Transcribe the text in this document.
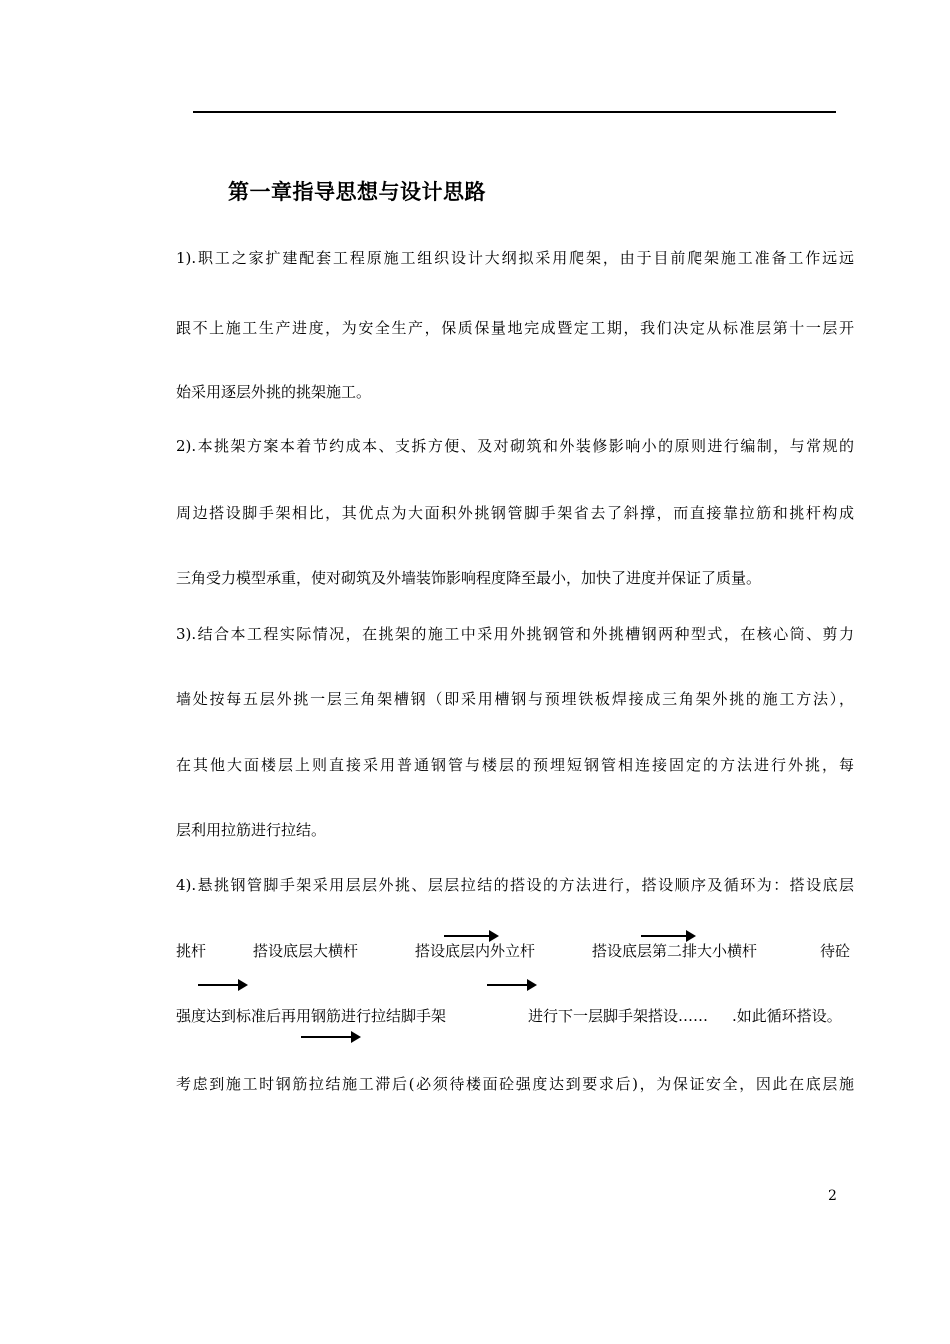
第一章指导思想与设计思路
1).职工之家扩建配套工程原施工组织设计大纲拟采用爬架，由于目前爬架施工准备工作远远
跟不上施工生产进度，为安全生产，保质保量地完成暨定工期，我们决定从标准层第十一层开
始采用逐层外挑的挑架施工。
2).本挑架方案本着节约成本、支拆方便、及对砌筑和外装修影响小的原则进行编制，与常规的
周边搭设脚手架相比，其优点为大面积外挑钢管脚手架省去了斜撑，而直接靠拉筋和挑杆构成
三角受力模型承重，使对砌筑及外墙装饰影响程度降至最小，加快了进度并保证了质量。
3).结合本工程实际情况，在挑架的施工中采用外挑钢管和外挑槽钢两种型式，在核心筒、剪力
墙处按每五层外挑一层三角架槽钢（即采用槽钢与预埋铁板焊接成三角架外挑的施工方法），
在其他大面楼层上则直接采用普通钢管与楼层的预埋短钢管相连接固定的方法进行外挑，每
层利用拉筋进行拉结。
4).悬挑钢管脚手架采用层层外挑、层层拉结的搭设的方法进行，搭设顺序及循环为：搭设底层
挑杆	搭设底层大横杆	搭设底层内外立杆	搭设底层第二排大小横杆	待砼
强度达到标准后再用钢筋进行拉结脚手架	进行下一层脚手架搭设…… .如此循环搭设。
考虑到施工时钢筋拉结施工滞后(必须待楼面砼强度达到要求后)，为保证安全，因此在底层施
2
